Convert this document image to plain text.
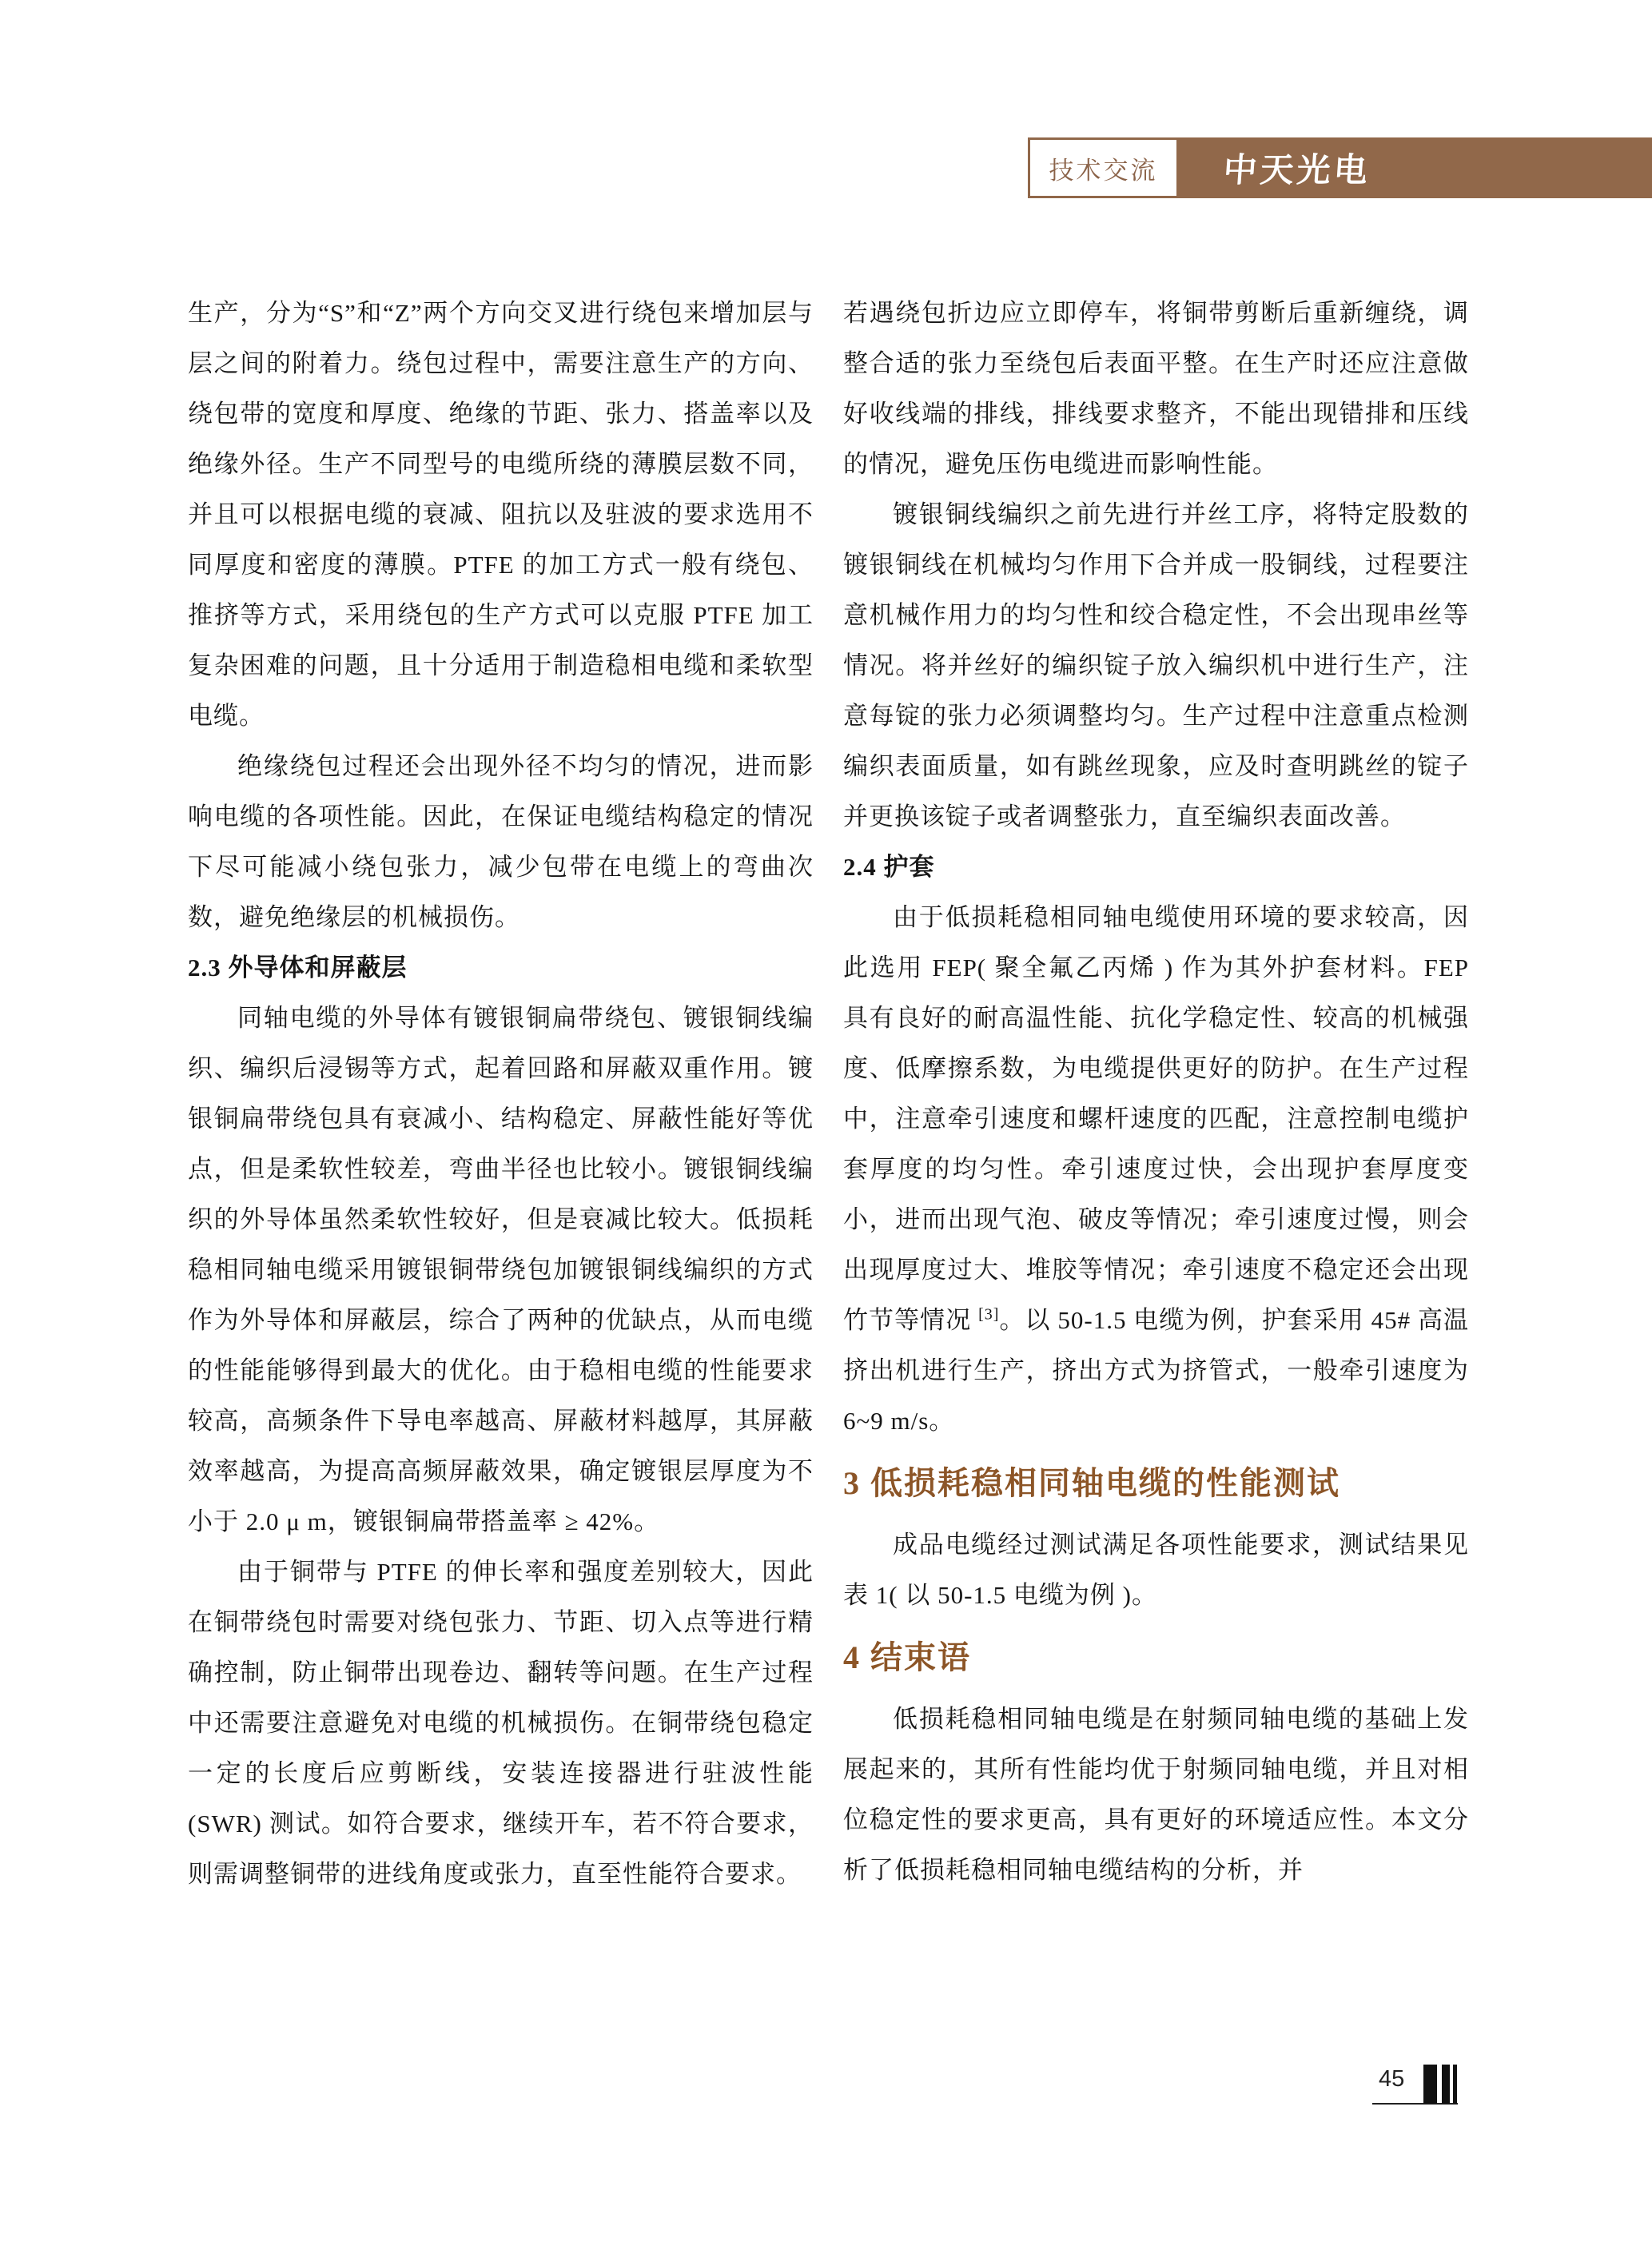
技术交流 中天光电

生产，分为“S”和“Z”两个方向交叉进行绕包来增加层与层之间的附着力。绕包过程中，需要注意生产的方向、绕包带的宽度和厚度、绝缘的节距、张力、搭盖率以及绝缘外径。生产不同型号的电缆所绕的薄膜层数不同，并且可以根据电缆的衰减、阻抗以及驻波的要求选用不同厚度和密度的薄膜。PTFE 的加工方式一般有绕包、推挤等方式，采用绕包的生产方式可以克服 PTFE 加工复杂困难的问题，且十分适用于制造稳相电缆和柔软型电缆。

绝缘绕包过程还会出现外径不均匀的情况，进而影响电缆的各项性能。因此，在保证电缆结构稳定的情况下尽可能减小绕包张力，减少包带在电缆上的弯曲次数，避免绝缘层的机械损伤。

2.3 外导体和屏蔽层

同轴电缆的外导体有镀银铜扁带绕包、镀银铜线编织、编织后浸锡等方式，起着回路和屏蔽双重作用。镀银铜扁带绕包具有衰减小、结构稳定、屏蔽性能好等优点，但是柔软性较差，弯曲半径也比较小。镀银铜线编织的外导体虽然柔软性较好，但是衰减比较大。低损耗稳相同轴电缆采用镀银铜带绕包加镀银铜线编织的方式作为外导体和屏蔽层，综合了两种的优缺点，从而电缆的性能能够得到最大的优化。由于稳相电缆的性能要求较高，高频条件下导电率越高、屏蔽材料越厚，其屏蔽效率越高，为提高高频屏蔽效果，确定镀银层厚度为不小于 2.0 μ m，镀银铜扁带搭盖率 ≥ 42%。

由于铜带与 PTFE 的伸长率和强度差别较大，因此在铜带绕包时需要对绕包张力、节距、切入点等进行精确控制，防止铜带出现卷边、翻转等问题。在生产过程中还需要注意避免对电缆的机械损伤。在铜带绕包稳定一定的长度后应剪断线，安装连接器进行驻波性能(SWR) 测试。如符合要求，继续开车，若不符合要求，则需调整铜带的进线角度或张力，直至性能符合要求。

若遇绕包折边应立即停车，将铜带剪断后重新缠绕，调整合适的张力至绕包后表面平整。在生产时还应注意做好收线端的排线，排线要求整齐，不能出现错排和压线的情况，避免压伤电缆进而影响性能。

镀银铜线编织之前先进行并丝工序，将特定股数的镀银铜线在机械均匀作用下合并成一股铜线，过程要注意机械作用力的均匀性和绞合稳定性，不会出现串丝等情况。将并丝好的编织锭子放入编织机中进行生产，注意每锭的张力必须调整均匀。生产过程中注意重点检测编织表面质量，如有跳丝现象，应及时查明跳丝的锭子并更换该锭子或者调整张力，直至编织表面改善。

2.4 护套

由于低损耗稳相同轴电缆使用环境的要求较高，因此选用 FEP( 聚全氟乙丙烯 ) 作为其外护套材料。FEP 具有良好的耐高温性能、抗化学稳定性、较高的机械强度、低摩擦系数，为电缆提供更好的防护。在生产过程中，注意牵引速度和螺杆速度的匹配，注意控制电缆护套厚度的均匀性。牵引速度过快，会出现护套厚度变小，进而出现气泡、破皮等情况；牵引速度过慢，则会出现厚度过大、堆胶等情况；牵引速度不稳定还会出现竹节等情况 [3]。以 50-1.5 电缆为例，护套采用 45# 高温挤出机进行生产，挤出方式为挤管式，一般牵引速度为 6~9 m/s。

3 低损耗稳相同轴电缆的性能测试

成品电缆经过测试满足各项性能要求，测试结果见表 1( 以 50-1.5 电缆为例 )。

4 结束语

低损耗稳相同轴电缆是在射频同轴电缆的基础上发展起来的，其所有性能均优于射频同轴电缆，并且对相位稳定性的要求更高，具有更好的环境适应性。本文分析了低损耗稳相同轴电缆结构的分析，并

45
